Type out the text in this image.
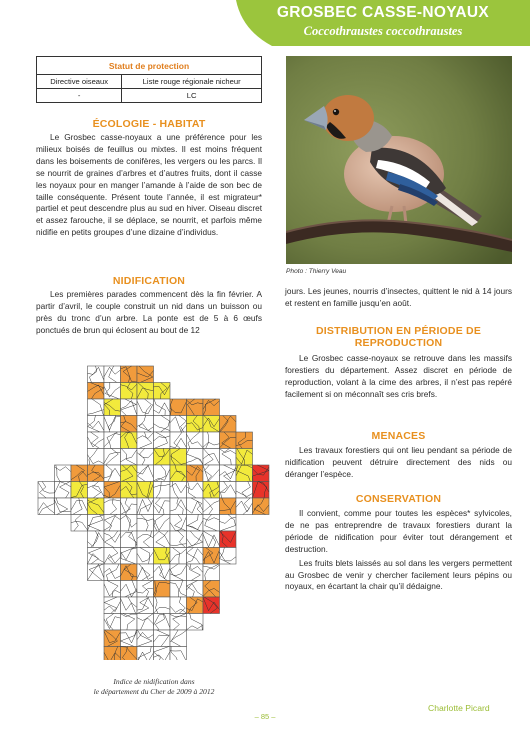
GROSBEC CASSE-NOYAUX
Coccothraustes coccothraustes
Statut de protection	
Directive oiseaux	Liste rouge régionale nicheur
-	LC
ÉCOLOGIE - HABITAT

Le Grosbec casse-noyaux a une préférence pour les milieux boisés de feuillus ou mixtes. Il est moins fréquent dans les boisements de conifères, les vergers ou les parcs. Il se nourrit de graines d’arbres et d’autres fruits, dont il casse les noyaux pour en manger l’amande à l’aide de son bec de taille conséquente. Présent toute l’année, il est migrateur* partiel et peut descendre plus au sud en hiver. Oiseau discret et assez farouche, il se déplace, se nourrit, et parfois même nidifie en petits groupes d’une dizaine d’individus.

NIDIFICATION

Les premières parades commencent dès la fin février. A partir d’avril, le couple construit un nid dans un buisson ou près du tronc d’un arbre. La ponte est de 5 à 6 œufs ponctués de brun qui éclosent au bout de 12

Photo : Thierry Veau

jours. Les jeunes, nourris d’insectes, quittent le nid à 14 jours et restent en famille jusqu’en août.

DISTRIBUTION EN PÉRIODE DE REPRODUCTION

Le Grosbec casse-noyaux se retrouve dans les massifs forestiers du département. Assez discret en période de reproduction, volant à la cime des arbres, il n’est pas repéré facilement si on méconnaît ses cris brefs.

MENACES

Les travaux forestiers qui ont lieu pendant sa période de nidification peuvent détruire directement des nids ou déranger l’espèce.

CONSERVATION

Il convient, comme pour toutes les espèces* sylvicoles, de ne pas entreprendre de travaux forestiers durant la période de nidification pour éviter tout dérangement et destruction.

Les fruits blets laissés au sol dans les vergers permettent au Grosbec de venir y chercher facilement leurs pépins ou noyaux, en écartant la chair qu’il dédaigne.

Indice de nidification dans
le département du Cher de 2009 à 2012
– 85 –
Charlotte Picard
